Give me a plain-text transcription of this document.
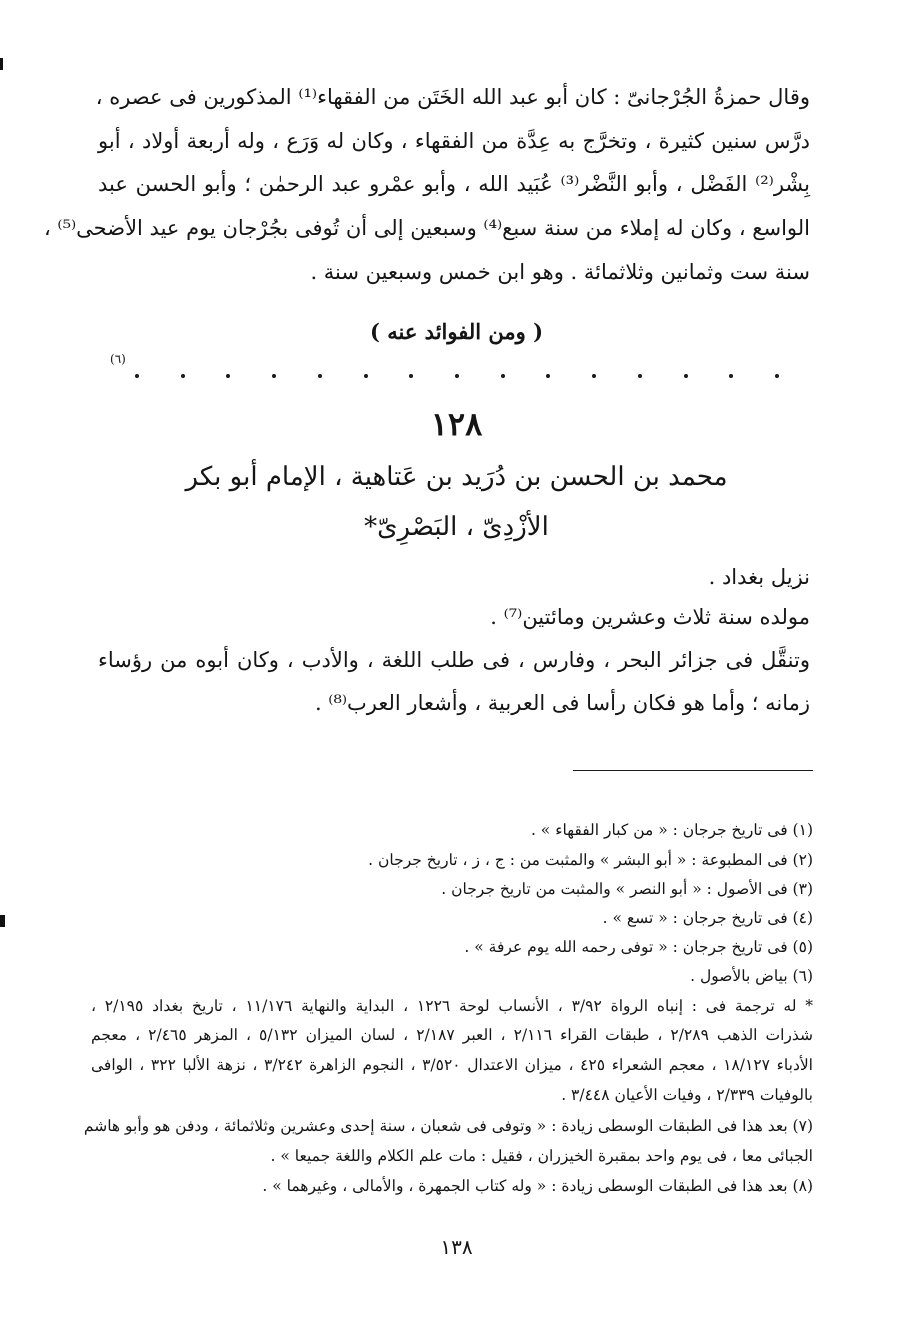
وقال حمزةُ الجُرْجانىّ : كان أبو عبد الله الخَتَن من الفقهاء⁽¹⁾ المذكورين فى عصره ،
درَّس سنين كثيرة ، وتخرَّج به عِدَّة من الفقهاء ، وكان له وَرَع ، وله أربعة أولاد ، أبو
بِشْر⁽²⁾ الفَضْل ، وأبو النَّضْر⁽³⁾ عُبَيد الله ، وأبو عمْرو عبد الرحمٰن ؛ وأبو الحسن عبد
الواسع ، وكان له إملاء من سنة سبع⁽⁴⁾ وسبعين إلى أن تُوفى بجُرْجان يوم عيد الأضحى⁽⁵⁾ ،
سنة ست وثمانين وثلاثمائة . وهو ابن خمس وسبعين سنة .
( ومن الفوائد عنه )
(٦)
١٢٨
محمد بن الحسن بن دُرَيد بن عَتاهية ، الإمام أبو بكر
الأزْدِىّ ، البَصْرِىّ*
نزيل بغداد .
مولده سنة ثلاث وعشرين ومائتين⁽⁷⁾ .
وتنقَّل فى جزائر البحر ، وفارس ، فى طلب اللغة ، والأدب ، وكان أبوه من رؤساء
زمانه ؛ وأما هو فكان رأسا فى العربية ، وأشعار العرب⁽⁸⁾ .
(١) فى تاريخ جرجان : « من كبار الفقهاء » .
(٢) فى المطبوعة : « أبو البشر » والمثبت من : ج ، ز ، تاريخ جرجان .
(٣) فى الأصول : « أبو النصر » والمثبت من تاريخ جرجان .
(٤) فى تاريخ جرجان : « تسع » .
(٥) فى تاريخ جرجان : « توفى رحمه الله يوم عرفة » .
(٦) بياض بالأصول .
* له ترجمة فى : إنباه الرواة ٣/٩٢ ، الأنساب لوحة ١٢٢٦ ، البداية والنهاية ١١/١٧٦ ، تاريخ بغداد ٢/١٩٥ ،
شذرات الذهب ٢/٢٨٩ ، طبقات القراء ٢/١١٦ ، العبر ٢/١٨٧ ، لسان الميزان ٥/١٣٢ ، المزهر ٢/٤٦٥ ، معجم
الأدباء ١٨/١٢٧ ، معجم الشعراء ٤٢٥ ، ميزان الاعتدال ٣/٥٢٠ ، النجوم الزاهرة ٣/٢٤٢ ، نزهة الألبا ٣٢٢ ، الوافى
بالوفيات ٢/٣٣٩ ، وفيات الأعيان ٣/٤٤٨ .
(٧) بعد هذا فى الطبقات الوسطى زيادة : « وتوفى فى شعبان ، سنة إحدى وعشرين وثلاثمائة ، ودفن هو وأبو هاشم
الجبائى معا ، فى يوم واحد بمقبرة الخيزران ، فقيل : مات علم الكلام واللغة جميعا » .
(٨) بعد هذا فى الطبقات الوسطى زيادة : « وله كتاب الجمهرة ، والأمالى ، وغيرهما » .
١٣٨
